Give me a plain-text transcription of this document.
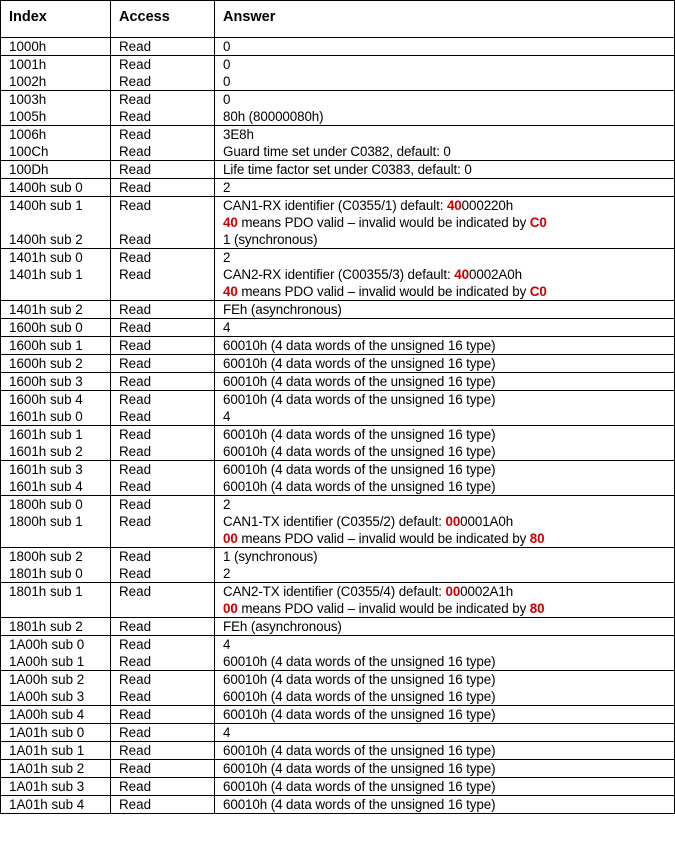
Index	Access	Answer
1000h	Read	0
1001h	Read	0
1002h	Read	0
1003h	Read	0
1005h	Read	80h (80000080h)
1006h	Read	3E8h
100Ch	Read	Guard time set under C0382, default: 0
100Dh	Read	Life time factor set under C0383, default: 0
1400h sub 0	Read	2
1400h sub 1	Read	CAN1-RX identifier (C0355/1) default: 40000220h
40 means PDO valid – invalid would be indicated by C0

1400h sub 2	Read	1 (synchronous)
1401h sub 0	Read	2
1401h sub 1	Read	CAN2-RX identifier (C00355/3) default: 400002A0h
40 means PDO valid – invalid would be indicated by C0

1401h sub 2	Read	FEh (asynchronous)
1600h sub 0	Read	4
1600h sub 1	Read	60010h (4 data words of the unsigned 16 type)
1600h sub 2	Read	60010h (4 data words of the unsigned 16 type)
1600h sub 3	Read	60010h (4 data words of the unsigned 16 type)
1600h sub 4	Read	60010h (4 data words of the unsigned 16 type)
1601h sub 0	Read	4
1601h sub 1	Read	60010h (4 data words of the unsigned 16 type)
1601h sub 2	Read	60010h (4 data words of the unsigned 16 type)
1601h sub 3	Read	60010h (4 data words of the unsigned 16 type)
1601h sub 4	Read	60010h (4 data words of the unsigned 16 type)
1800h sub 0	Read	2
1800h sub 1	Read	CAN1-TX identifier (C0355/2) default: 000001A0h
00 means PDO valid – invalid would be indicated by 80

1800h sub 2	Read	1 (synchronous)
1801h sub 0	Read	2
1801h sub 1	Read	CAN2-TX identifier (C0355/4) default: 000002A1h
00 means PDO valid – invalid would be indicated by 80

1801h sub 2	Read	FEh (asynchronous)
1A00h sub 0	Read	4
1A00h sub 1	Read	60010h (4 data words of the unsigned 16 type)
1A00h sub 2	Read	60010h (4 data words of the unsigned 16 type)
1A00h sub 3	Read	60010h (4 data words of the unsigned 16 type)
1A00h sub 4	Read	60010h (4 data words of the unsigned 16 type)
1A01h sub 0	Read	4
1A01h sub 1	Read	60010h (4 data words of the unsigned 16 type)
1A01h sub 2	Read	60010h (4 data words of the unsigned 16 type)
1A01h sub 3	Read	60010h (4 data words of the unsigned 16 type)
1A01h sub 4	Read	60010h (4 data words of the unsigned 16 type)
